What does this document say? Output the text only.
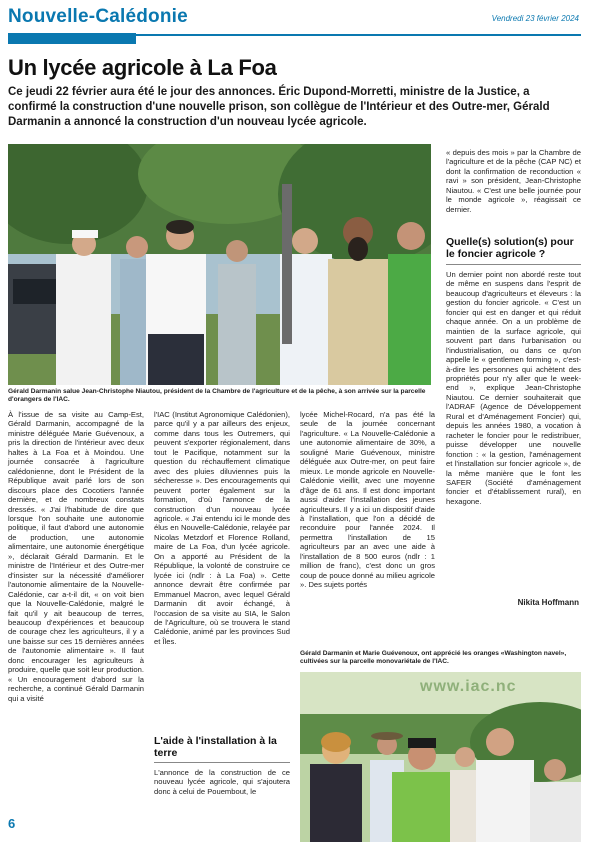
Nouvelle-Calédonie	Vendredi 23 février 2024
Un lycée agricole à La Foa
Ce jeudi 22 février aura été le jour des annonces. Éric Dupond-Morretti, ministre de la Justice, a confirmé la construction d'une nouvelle prison, son collègue de l'Intérieur et des Outre-mer, Gérald Darmanin a annoncé la construction d'un nouveau lycée agricole.
Gérald Darmanin salue Jean-Christophe Niautou, président de la Chambre de l'agriculture et de la pêche, à son arrivée sur la parcelle d'orangers de l'IAC.
À l'issue de sa visite au Camp-Est, Gérald Darmanin, accompagné de la ministre déléguée Marie Guévenoux, a pris la direction de l'intérieur avec deux haltes à La Foa et à Moindou. Une journée consacrée à l'agriculture calédonienne, dont le Président de la République avait parlé lors de son discours place des Cocotiers l'année dernière, et de nombreux constats dressés. « J'ai l'habitude de dire que lorsque l'on souhaite une autonomie politique, il faut d'abord une autonomie de production, une autonomie alimentaire, une autonomie énergétique », déclarait Gérald Darmanin. Et le ministre de l'Intérieur et des Outre-mer d'insister sur la nécessité d'améliorer l'autonomie alimentaire de la Nouvelle-Calédonie, car a-t-il dit, « on voit bien que la Nouvelle-Calédonie, malgré le fait qu'il y ait beaucoup de terres, beaucoup d'expériences et beaucoup de courage chez les agriculteurs, il y a une baisse sur ces 15 dernières années de l'autonomie alimentaire ». Il faut donc encourager les agriculteurs à produire, quelle que soit leur production. « Un encouragement d'abord sur la recherche, a continué Gérald Darmanin qui a visité
l'IAC (Institut Agronomique Calédonien), parce qu'il y a par ailleurs des enjeux, comme dans tous les Outremers, qui peuvent s'exporter régionalement, dans tout le Pacifique, notamment sur la question du réchauffement climatique avec des pluies diluviennes puis la sécheresse ». Des encouragements qui peuvent porter également sur la formation, d'où l'annonce de la construction d'un nouveau lycée agricole. « J'ai entendu ici le monde des élus en Nouvelle-Calédonie, relayée par Nicolas Metzdorf et Florence Rolland, maire de La Foa, d'un lycée agricole. On a apporté au Président de la République, la volonté de construire ce lycée ici (ndlr : à La Foa) ». Cette annonce devrait être confirmée par Emmanuel Macron, avec lequel Gérald Darmanin dit avoir échangé, à l'occasion de sa visite au SIA, le Salon de l'Agriculture, où se trouvera le stand Calédonie, animé par les provinces Sud et Îles.
L'aide à l'installation à la terre
L'annonce de la construction de ce nouveau lycée agricole, qui s'ajoutera donc à celui de Pouembout, le
lycée Michel-Rocard, n'a pas été la seule de la journée concernant l'agriculture. « La Nouvelle-Calédonie a une autonomie alimentaire de 30%, a souligné Marie Guévenoux, ministre déléguée aux Outre-mer, on peut faire mieux. Le monde agricole en Nouvelle-Calédonie vieillit, avec une moyenne d'âge de 61 ans. Il est donc important aussi d'aider l'installation des jeunes agriculteurs. Il y a ici un dispositif d'aide à l'installation, que l'on a décidé de reconduire pour l'année 2024. Il permettra l'installation de 15 agriculteurs par an avec une aide à l'installation de 8 500 euros (ndlr : 1 million de franc), c'est donc un gros coup de pouce donné au milieu agricole ». Des sujets portés
« depuis des mois » par la Chambre de l'agriculture et de la pêche (CAP NC) et dont la confirmation de reconduction « ravi » son président, Jean-Christophe Niautou. « C'est une belle journée pour le monde agricole », réagissait ce dernier.
Quelle(s) solution(s) pour le foncier agricole ?
Un dernier point non abordé reste tout de même en suspens dans l'esprit de beaucoup d'agriculteurs et éleveurs : la gestion du foncier agricole. « C'est un foncier qui est en danger et qui réduit chaque année. On a un problème de maintien de la surface agricole, qui souvent part dans l'urbanisation ou l'industrialisation, ou dans ce qu'on appelle le « gentlemen forming », c'est-à-dire les personnes qui achètent des propriétés pour n'y aller que le week-end », explique Jean-Christophe Niautou. Ce dernier souhaiterait que l'ADRAF (Agence de Développement Rural et d'Aménagement Foncier) qui, depuis les années 1980, a vocation à racheter le foncier pour le redistribuer, puisse développer une nouvelle fonction : « la gestion, l'aménagement et l'installation sur foncier agricole », de la même manière que le font les SAFER (Société d'aménagement foncier et d'établissement rural), en hexagone.
Nikita Hoffmann
Gérald Darmanin et Marie Guévenoux, ont apprécié les oranges «Washington navel», cultivées sur la parcelle monovariétale de l'IAC.
www.iac.nc
6
